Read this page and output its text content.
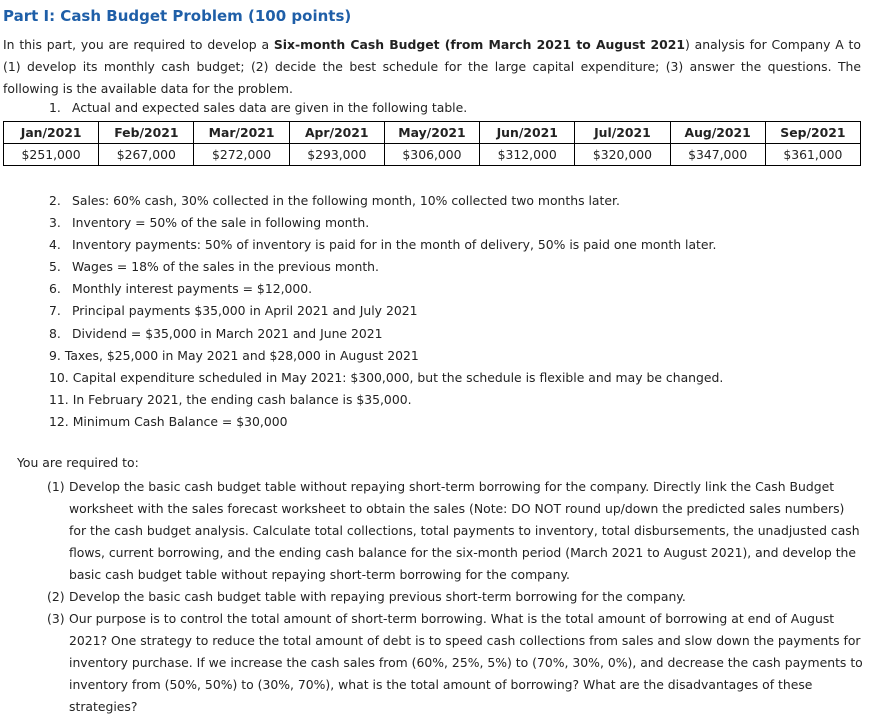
Part I: Cash Budget Problem (100 points)
In this part, you are required to develop a Six-month Cash Budget (from March 2021 to August 2021) analysis for Company A to (1) develop its monthly cash budget; (2) decide the best schedule for the large capital expenditure; (3) answer the questions. The following is the available data for the problem.
1. Actual and expected sales data are given in the following table.
Jan/2021	Feb/2021	Mar/2021	Apr/2021	May/2021	Jun/2021	Jul/2021	Aug/2021	Sep/2021
$251,000	$267,000	$272,000	$293,000	$306,000	$312,000	$320,000	$347,000	$361,000
2. Sales: 60% cash, 30% collected in the following month, 10% collected two months later.
3. Inventory = 50% of the sale in following month.
4. Inventory payments: 50% of inventory is paid for in the month of delivery, 50% is paid one month later.
5. Wages = 18% of the sales in the previous month.
6. Monthly interest payments = $12,000.
7. Principal payments $35,000 in April 2021 and July 2021
8. Dividend = $35,000 in March 2021 and June 2021
9. Taxes, $25,000 in May 2021 and $28,000 in August 2021
10. Capital expenditure scheduled in May 2021: $300,000, but the schedule is flexible and may be changed.
11. In February 2021, the ending cash balance is $35,000.
12. Minimum Cash Balance = $30,000
You are required to:
(1) Develop the basic cash budget table without repaying short-term borrowing for the company. Directly link the Cash Budget worksheet with the sales forecast worksheet to obtain the sales (Note: DO NOT round up/down the predicted sales numbers) for the cash budget analysis. Calculate total collections, total payments to inventory, total disbursements, the unadjusted cash flows, current borrowing, and the ending cash balance for the six-month period (March 2021 to August 2021), and develop the basic cash budget table without repaying short-term borrowing for the company.
(2) Develop the basic cash budget table with repaying previous short-term borrowing for the company.
(3) Our purpose is to control the total amount of short-term borrowing. What is the total amount of borrowing at end of August 2021? One strategy to reduce the total amount of debt is to speed cash collections from sales and slow down the payments for inventory purchase. If we increase the cash sales from (60%, 25%, 5%) to (70%, 30%, 0%), and decrease the cash payments to inventory from (50%, 50%) to (30%, 70%), what is the total amount of borrowing? What are the disadvantages of these strategies?
